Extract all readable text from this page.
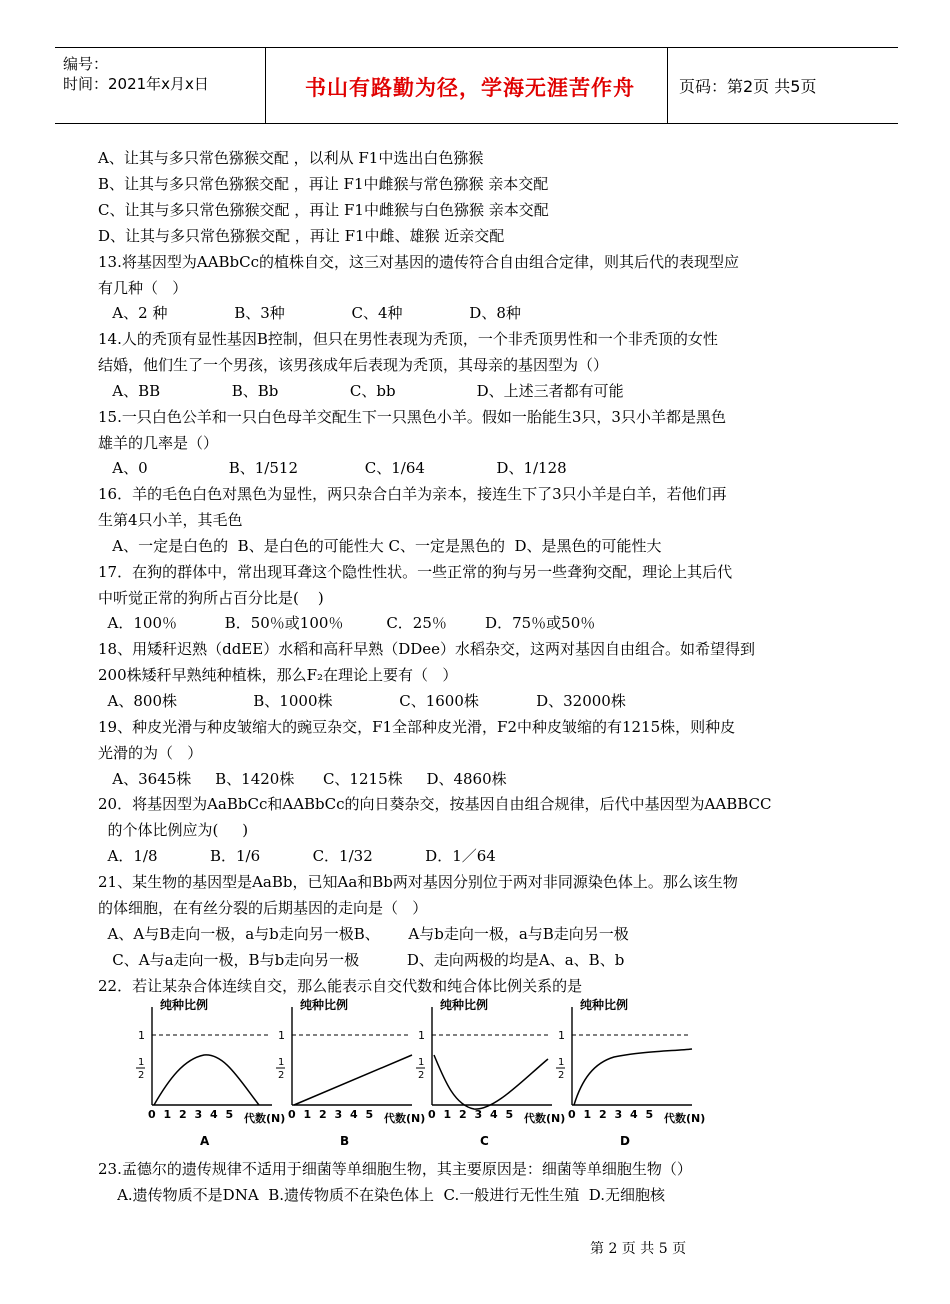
编号：
时间：2021年x月x日	书山有路勤为径，学海无涯苦作舟	页码：第2页 共5页
A、让其与多只常色猕猴交配 ，以利从 F1中选出白色猕猴
B、让其与多只常色猕猴交配 ，再让 F1中雌猴与常色猕猴 亲本交配
C、让其与多只常色猕猴交配 ，再让 F1中雌猴与白色猕猴 亲本交配
D、让其与多只常色猕猴交配 ，再让 F1中雌、雄猴 近亲交配
13.将基因型为AABbCc的植株自交，这三对基因的遗传符合自由组合定律，则其后代的表现型应
有几种（   ）
A、2 种              B、3种              C、4种              D、8种
14.人的秃顶有显性基因B控制，但只在男性表现为秃顶，一个非秃顶男性和一个非秃顶的女性
结婚，他们生了一个男孩，该男孩成年后表现为秃顶，其母亲的基因型为（）
A、BB               B、Bb               C、bb                 D、上述三者都有可能
15.一只白色公羊和一只白色母羊交配生下一只黑色小羊。假如一胎能生3只，3只小羊都是黑色
雄羊的几率是（）
A、0                 B、1/512              C、1/64               D、1/128
16．羊的毛色白色对黑色为显性，两只杂合白羊为亲本，接连生下了3只小羊是白羊，若他们再
生第4只小羊，其毛色
A、一定是白色的  B、是白色的可能性大 C、一定是黑色的  D、是黑色的可能性大
17．在狗的群体中，常出现耳聋这个隐性性状。一些正常的狗与另一些聋狗交配，理论上其后代
中听觉正常的狗所占百分比是(    )
A．100％          B．50％或100％         C．25％        D．75％或50％
18、用矮秆迟熟（ddEE）水稻和高秆早熟（DDee）水稻杂交，这两对基因自由组合。如希望得到
200株矮秆早熟纯种植株，那么F₂在理论上要有（   ）
A、800株                B、1000株              C、1600株            D、32000株
19、种皮光滑与种皮皱缩大的豌豆杂交，F1全部种皮光滑，F2中种皮皱缩的有1215株，则种皮
光滑的为（   ）
A、3645株     B、1420株      C、1215株     D、4860株
20．将基因型为AaBbCc和AABbCc的向日葵杂交，按基因自由组合规律，后代中基因型为AABBCC
的个体比例应为(     )
A．1/8           B．1/6           C．1/32           D．1／64
21、某生物的基因型是AaBb，已知Aa和Bb两对基因分别位于两对非同源染色体上。那么该生物
的体细胞，在有丝分裂的后期基因的走向是（   ）
A、A与B走向一极，a与b走向另一极B、      A与b走向一极，a与B走向另一极
C、A与a走向一极，B与b走向另一极          D、走向两极的均是A、a、B、b
22．若让某杂合体连续自交，那么能表示自交代数和纯合体比例关系的是
23.孟德尔的遗传规律不适用于细菌等单细胞生物，其主要原因是：细菌等单细胞生物（）
A.遗传物质不是DNA  B.遗传物质不在染色体上  C.一般进行无性生殖  D.无细胞核
纯种比例
1
1
2
0 1 2 3 4 5 代数(N)
A
纯种比例
1
1
2
0 1 2 3 4 5 代数(N)
B
纯种比例
1
1
2
0 1 2 3 4 5 代数(N)
C
纯种比例
1
1
2
0 1 2 3 4 5 代数(N)
D
第 2 页 共 5 页
